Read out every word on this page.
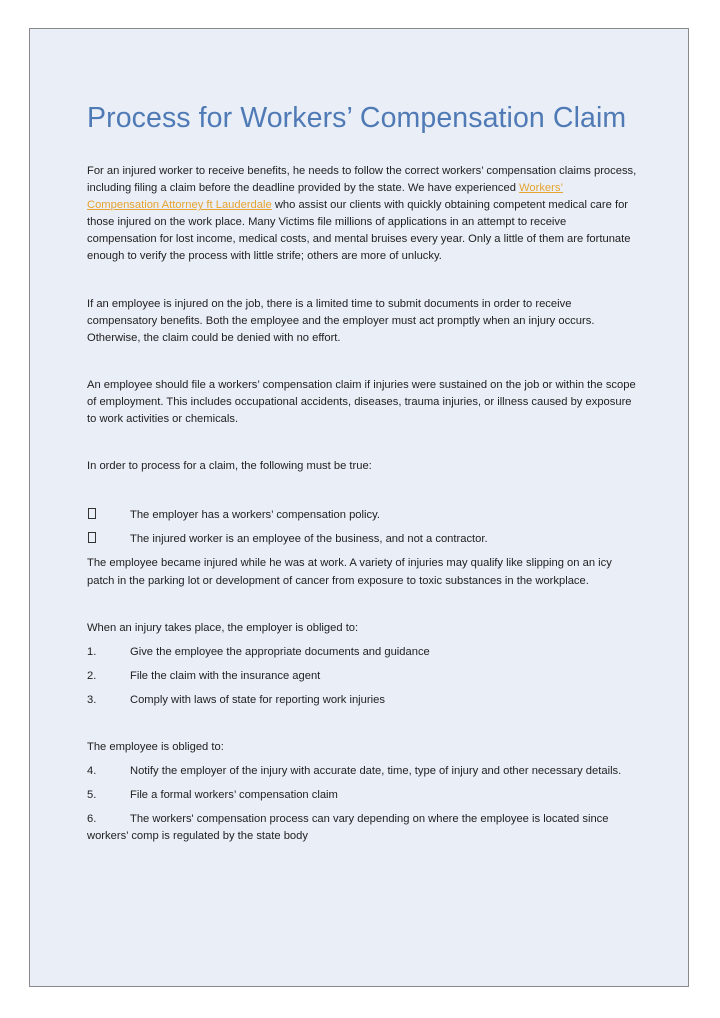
Process for Workers’ Compensation Claim

For an injured worker to receive benefits, he needs to follow the correct workers’ compensation claims process, including filing a claim before the deadline provided by the state. We have experienced Workers’ Compensation Attorney ft Lauderdale who assist our clients with quickly obtaining competent medical care for those injured on the work place. Many Victims file millions of applications in an attempt to receive compensation for lost income, medical costs, and mental bruises every year. Only a little of them are fortunate enough to verify the process with little strife; others are more of unlucky.

If an employee is injured on the job, there is a limited time to submit documents in order to receive compensatory benefits. Both the employee and the employer must act promptly when an injury occurs. Otherwise, the claim could be denied with no effort.

An employee should file a workers’ compensation claim if injuries were sustained on the job or within the scope of employment. This includes occupational accidents, diseases, trauma injuries, or illness caused by exposure to work activities or chemicals.

In order to process for a claim, the following must be true:

The employer has a workers’ compensation policy.
The injured worker is an employee of the business, and not a contractor.

The employee became injured while he was at work. A variety of injuries may qualify like slipping on an icy patch in the parking lot or development of cancer from exposure to toxic substances in the workplace.

When an injury takes place, the employer is obliged to:

1.	Give the employee the appropriate documents and guidance
2.	File the claim with the insurance agent
3.	Comply with laws of state for reporting work injuries

The employee is obliged to:

4.	Notify the employer of the injury with accurate date, time, type of injury and other necessary details.
5.	File a formal workers’ compensation claim
6.	The workers' compensation process can vary depending on where the employee is located since workers’ comp is regulated by the state body
